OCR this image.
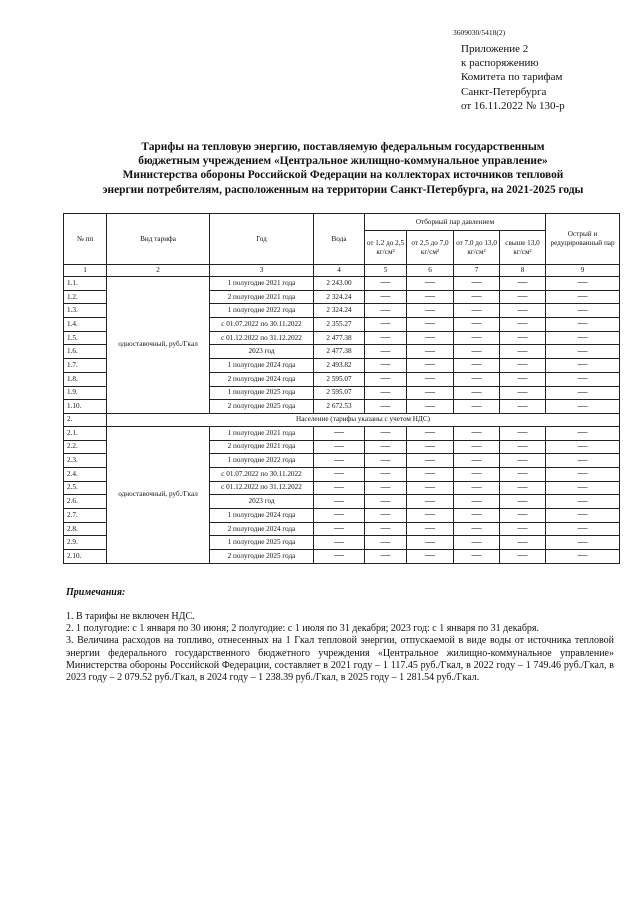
3609030/5418(2)
Приложение 2
к распоряжению
Комитета по тарифам
Санкт-Петербурга
от 16.11.2022 № 130-р
Тарифы на тепловую энергию, поставляемую федеральным государственным
бюджетным учреждением «Центральное жилищно-коммунальное управление»
Министерства обороны Российской Федерации на коллекторах источников тепловой
энергии потребителям, расположенным на территории Санкт-Петербурга, на 2021-2025 годы
№ пп	Вид тарифа	Год	Вода	Отборный пар давлением				Острый и редуцированный пар
				от 1,2 до 2,5 кг/см²	от 2,5 до 7,0 кг/см²	от 7,0 до 13,0 кг/см²	свыше 13,0 кг/см²	
1	2	3	4	5	6	7	8	9
1.1.	одноставочный, руб./Гкал	1 полугодие 2021 года	2 243.00	—	—	—	—	—
1.2.		2 полугодие 2021 года	2 324.24	—	—	—	—	—
1.3.		1 полугодие 2022 года	2 324.24	—	—	—	—	—
1.4.		с 01.07.2022 по 30.11.2022	2 355.27	—	—	—	—	—
1.5.		с 01.12.2022 по 31.12.2022	2 477.38	—	—	—	—	—
1.6.		2023 год	2 477.38	—	—	—	—	—
1.7.		1 полугодие 2024 года	2 493.82	—	—	—	—	—
1.8.		2 полугодие 2024 года	2 595.07	—	—	—	—	—
1.9.		1 полугодие 2025 года	2 595.07	—	—	—	—	—
1.10.		2 полугодие 2025 года	2 672.53	—	—	—	—	—
2.	Население (тарифы указаны с учетом НДС)							
2.1.	одноставочный, руб./Гкал	1 полугодие 2021 года	—	—	—	—	—	—
2.2.		2 полугодие 2021 года	—	—	—	—	—	—
2.3.		1 полугодие 2022 года	—	—	—	—	—	—
2.4.		с 01.07.2022 по 30.11.2022	—	—	—	—	—	—
2.5.		с 01.12.2022 по 31.12.2022	—	—	—	—	—	—
2.6.		2023 год	—	—	—	—	—	—
2.7.		1 полугодие 2024 года	—	—	—	—	—	—
2.8.		2 полугодие 2024 года	—	—	—	—	—	—
2.9.		1 полугодие 2025 года	—	—	—	—	—	—
2.10.		2 полугодие 2025 года	—	—	—	—	—	—
Примечания:

1. В тарифы не включен НДС.

2. 1 полугодие: с 1 января по 30 июня; 2 полугодие: с 1 июля по 31 декабря; 2023 год: с 1 января по 31 декабря.

3. Величина расходов на топливо, отнесенных на 1 Гкал тепловой энергии, отпускаемой в виде воды от источника тепловой энергии федерального государственного бюджетного учреждения «Центральное жилищно-коммунальное управление» Министерства обороны Российской Федерации, составляет в 2021 году – 1 117.45 руб./Гкал, в 2022 году – 1 749.46 руб./Гкал, в 2023 году – 2 079.52 руб./Гкал, в 2024 году – 1 238.39 руб./Гкал, в 2025 году – 1 281.54 руб./Гкал.
